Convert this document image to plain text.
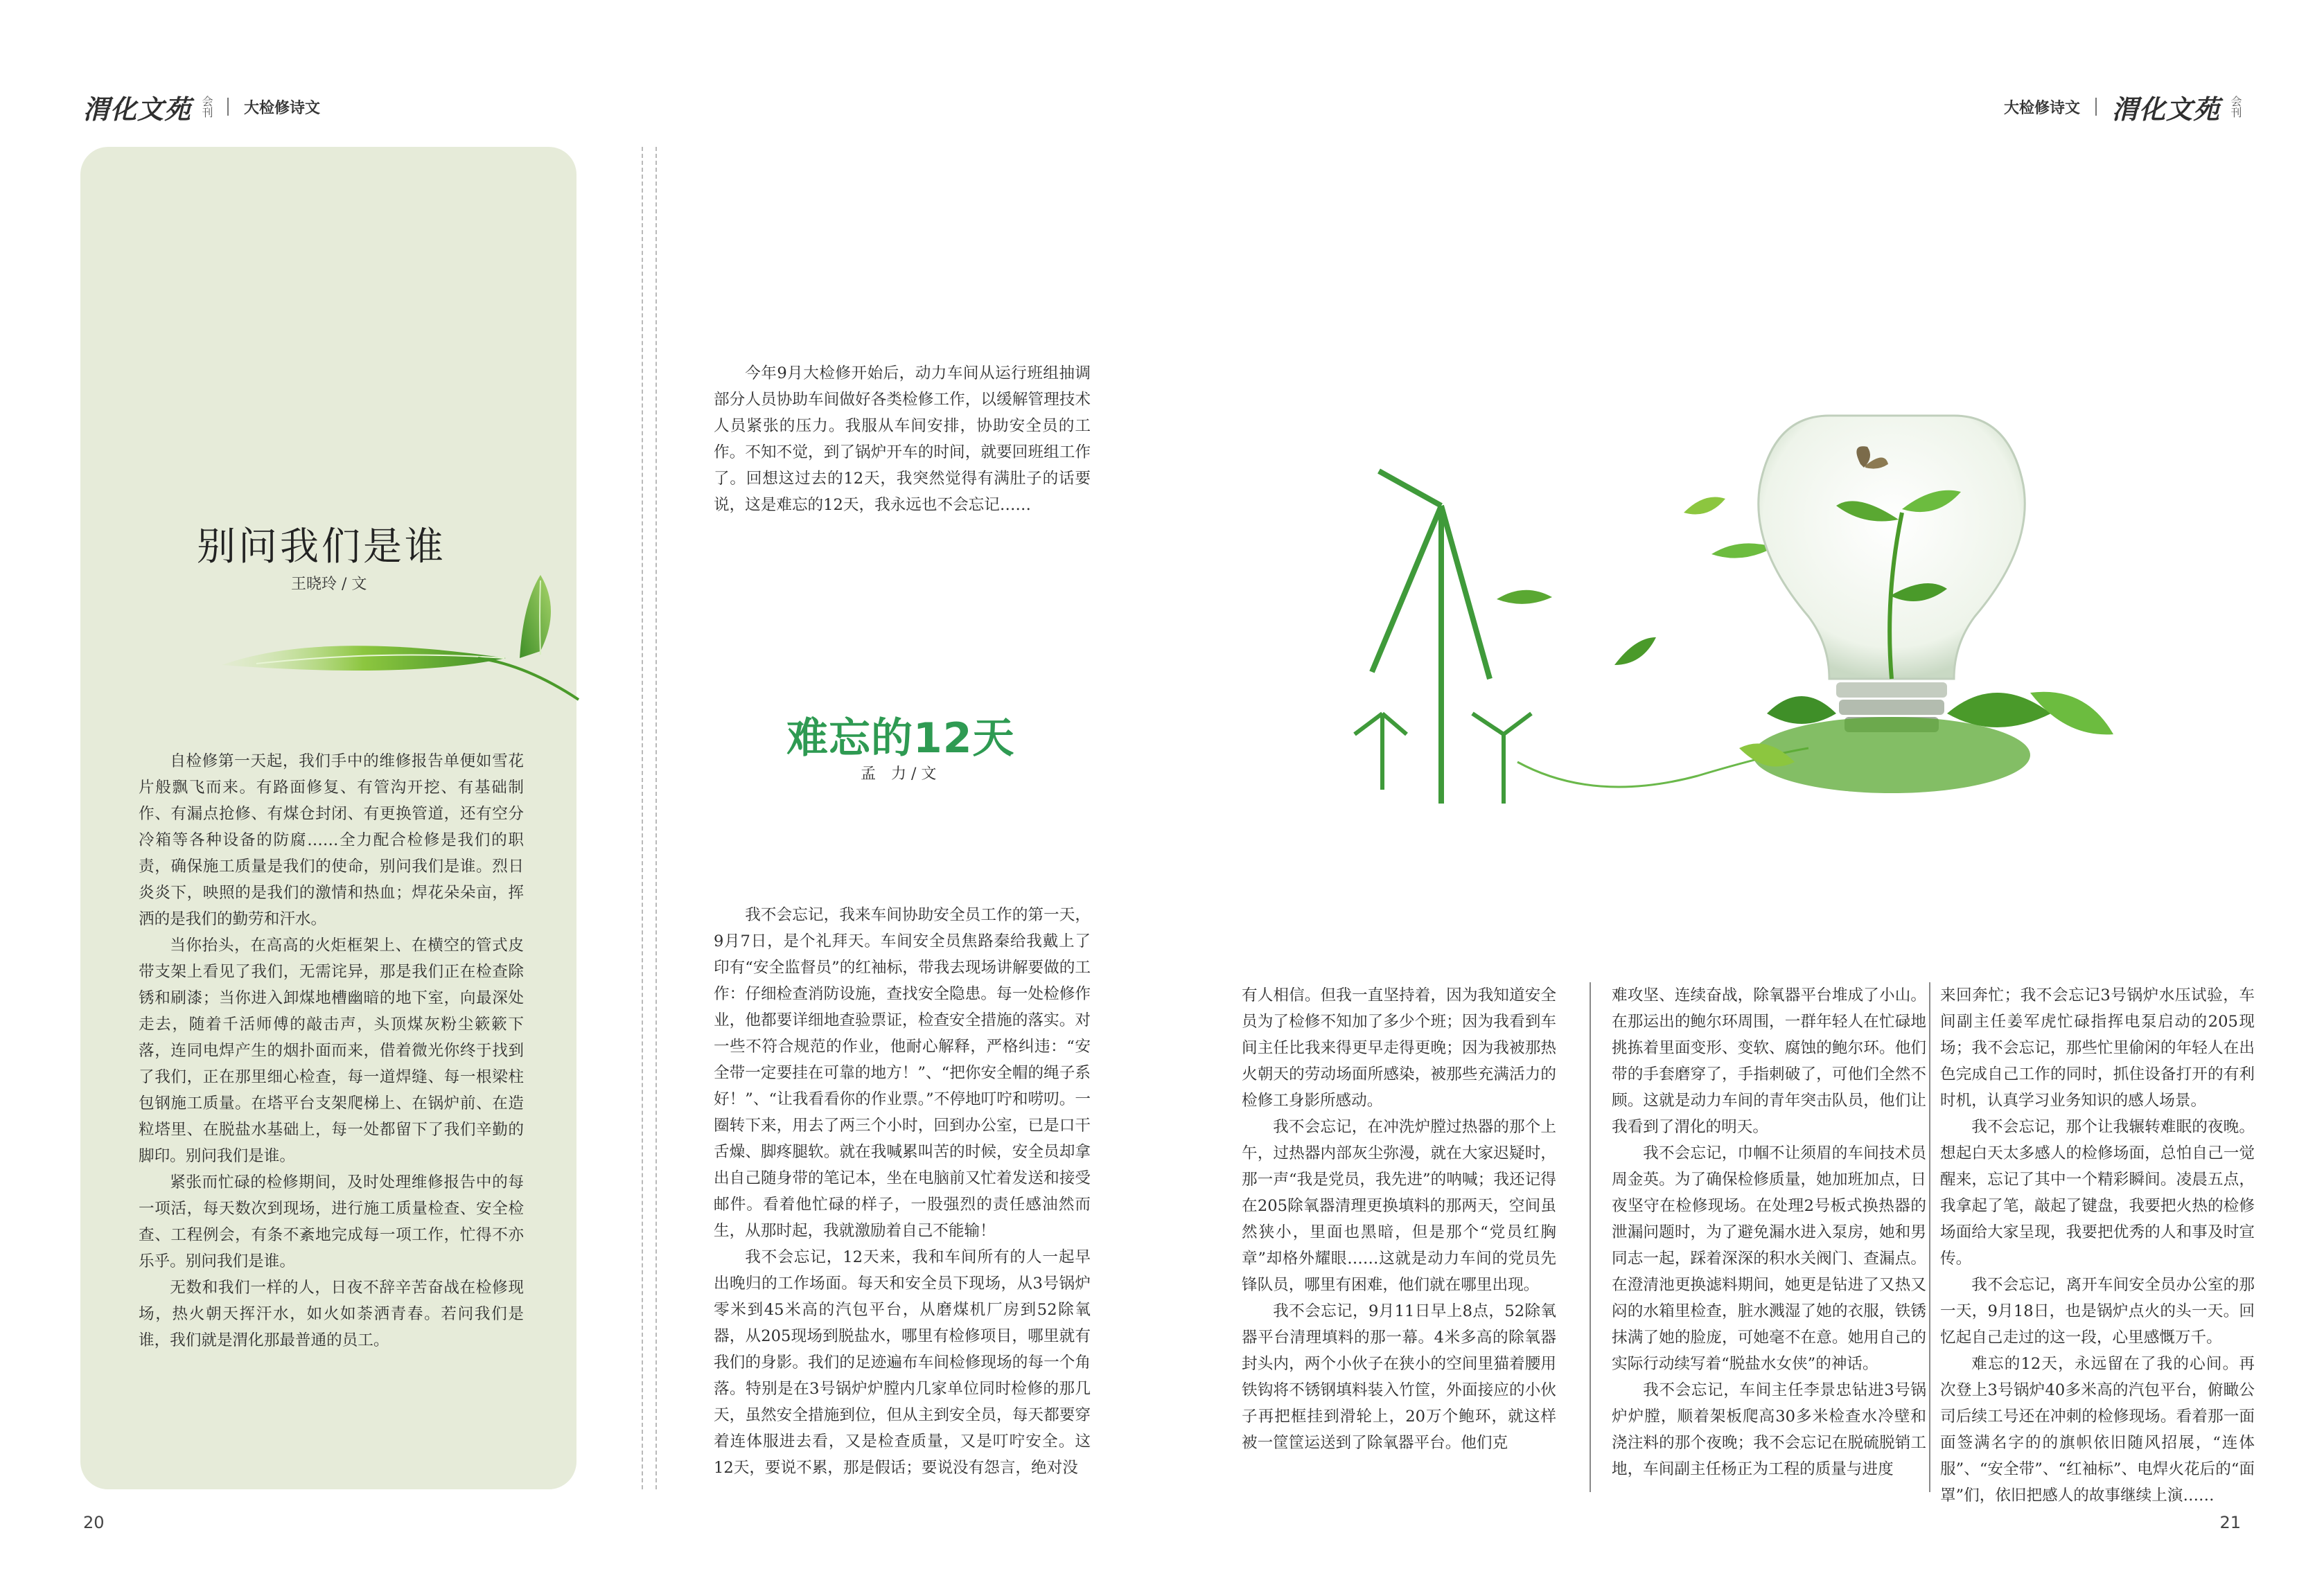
渭化文苑 会刊 大检修诗文	大检修诗文 渭化文苑 会刊
别问我们是谁
王晓玲 / 文

自检修第一天起，我们手中的维修报告单便如雪花片般飘飞而来。有路面修复、有管沟开挖、有基础制作、有漏点抢修、有煤仓封闭、有更换管道，还有空分冷箱等各种设备的防腐……全力配合检修是我们的职责，确保施工质量是我们的使命，别问我们是谁。烈日炎炎下，映照的是我们的激情和热血；焊花朵朵亩，挥洒的是我们的勤劳和汗水。

当你抬头，在高高的火炬框架上、在横空的管式皮带支架上看见了我们，无需诧异，那是我们正在检查除锈和刷漆；当你进入卸煤地槽幽暗的地下室，向最深处走去，随着千活师傅的敲击声，头顶煤灰粉尘簌簌下落，连同电焊产生的烟扑面而来，借着微光你终于找到了我们，正在那里细心检查，每一道焊缝、每一根梁柱包钢施工质量。在塔平台支架爬梯上、在锅炉前、在造粒塔里、在脱盐水基础上，每一处都留下了我们辛勤的脚印。别问我们是谁。

紧张而忙碌的检修期间，及时处理维修报告中的每一项活，每天数次到现场，进行施工质量检查、安全检查、工程例会，有条不紊地完成每一项工作，忙得不亦乐乎。别问我们是谁。

无数和我们一样的人，日夜不辞辛苦奋战在检修现场，热火朝天挥汗水，如火如荼洒青春。若问我们是谁，我们就是渭化那最普通的员工。

今年9月大检修开始后，动力车间从运行班组抽调部分人员协助车间做好各类检修工作，以缓解管理技术人员紧张的压力。我服从车间安排，协助安全员的工作。不知不觉，到了锅炉开车的时间，就要回班组工作了。回想这过去的12天，我突然觉得有满肚子的话要说，这是难忘的12天，我永远也不会忘记……

难忘的12天
孟　力 / 文

我不会忘记，我来车间协助安全员工作的第一天，9月7日，是个礼拜天。车间安全员焦路秦给我戴上了印有“安全监督员”的红袖标，带我去现场讲解要做的工作：仔细检查消防设施，查找安全隐患。每一处检修作业，他都要详细地查验票证，检查安全措施的落实。对一些不符合规范的作业，他耐心解释，严格纠违：“安全带一定要挂在可靠的地方！”、“把你安全帽的绳子系好！”、“让我看看你的作业票。”不停地叮咛和唠叨。一圈转下来，用去了两三个小时，回到办公室，已是口干舌燥、脚疼腿软。就在我喊累叫苦的时候，安全员却拿出自己随身带的笔记本，坐在电脑前又忙着发送和接受邮件。看着他忙碌的样子，一股强烈的责任感油然而生，从那时起，我就激励着自己不能输！

我不会忘记，12天来，我和车间所有的人一起早出晚归的工作场面。每天和安全员下现场，从3号锅炉零米到45米高的汽包平台，从磨煤机厂房到52除氧器，从205现场到脱盐水，哪里有检修项目，哪里就有我们的身影。我们的足迹遍布车间检修现场的每一个角落。特别是在3号锅炉炉膛内几家单位同时检修的那几天，虽然安全措施到位，但从主到安全员，每天都要穿着连体服进去看，又是检查质量，又是叮咛安全。这12天，要说不累，那是假话；要说没有怨言，绝对没

有人相信。但我一直坚持着，因为我知道安全员为了检修不知加了多少个班；因为我看到车间主任比我来得更早走得更晚；因为我被那热火朝天的劳动场面所感染，被那些充满活力的检修工身影所感动。

我不会忘记，在冲洗炉膛过热器的那个上午，过热器内部灰尘弥漫，就在大家迟疑时，那一声“我是党员，我先进”的呐喊；我还记得在205除氧器清理更换填料的那两天，空间虽然狭小，里面也黑暗，但是那个“党员红胸章”却格外耀眼……这就是动力车间的党员先锋队员，哪里有困难，他们就在哪里出现。

我不会忘记，9月11日早上8点，52除氧器平台清理填料的那一幕。4米多高的除氧器封头内，两个小伙子在狭小的空间里猫着腰用铁钩将不锈钢填料装入竹筐，外面接应的小伙子再把框挂到滑轮上，20万个鲍环，就这样被一筐筐运送到了除氧器平台。他们克

难攻坚、连续奋战，除氧器平台堆成了小山。在那运出的鲍尔环周围，一群年轻人在忙碌地挑拣着里面变形、变软、腐蚀的鲍尔环。他们带的手套磨穿了，手指刺破了，可他们全然不顾。这就是动力车间的青年突击队员，他们让我看到了渭化的明天。

我不会忘记，巾帼不让须眉的车间技术员周金英。为了确保检修质量，她加班加点，日夜坚守在检修现场。在处理2号板式换热器的泄漏问题时，为了避免漏水进入泵房，她和男同志一起，踩着深深的积水关阀门、查漏点。在澄清池更换滤料期间，她更是钻进了又热又闷的水箱里检查，脏水溅湿了她的衣服，铁锈抹满了她的脸庞，可她毫不在意。她用自己的实际行动续写着“脱盐水女侠”的神话。

我不会忘记，车间主任李景忠钻进3号锅炉炉膛，顺着架板爬高30多米检查水冷壁和浇注料的那个夜晚；我不会忘记在脱硫脱销工地，车间副主任杨正为工程的质量与进度

来回奔忙；我不会忘记3号锅炉水压试验，车间副主任姜军虎忙碌指挥电泵启动的205现场；我不会忘记，那些忙里偷闲的年轻人在出色完成自己工作的同时，抓住设备打开的有利时机，认真学习业务知识的感人场景。

我不会忘记，那个让我辗转难眠的夜晚。想起白天太多感人的检修场面，总怕自己一觉醒来，忘记了其中一个精彩瞬间。凌晨五点，我拿起了笔，敲起了键盘，我要把火热的检修场面给大家呈现，我要把优秀的人和事及时宣传。

我不会忘记，离开车间安全员办公室的那一天，9月18日，也是锅炉点火的头一天。回忆起自己走过的这一段，心里感慨万千。

难忘的12天，永远留在了我的心间。再次登上3号锅炉40多米高的汽包平台，俯瞰公司后续工号还在冲刺的检修现场。看着那一面面签满名字的的旗帜依旧随风招展，“连体服”、“安全带”、“红袖标”、电焊火花后的“面罩”们，依旧把感人的故事继续上演……

20	21
